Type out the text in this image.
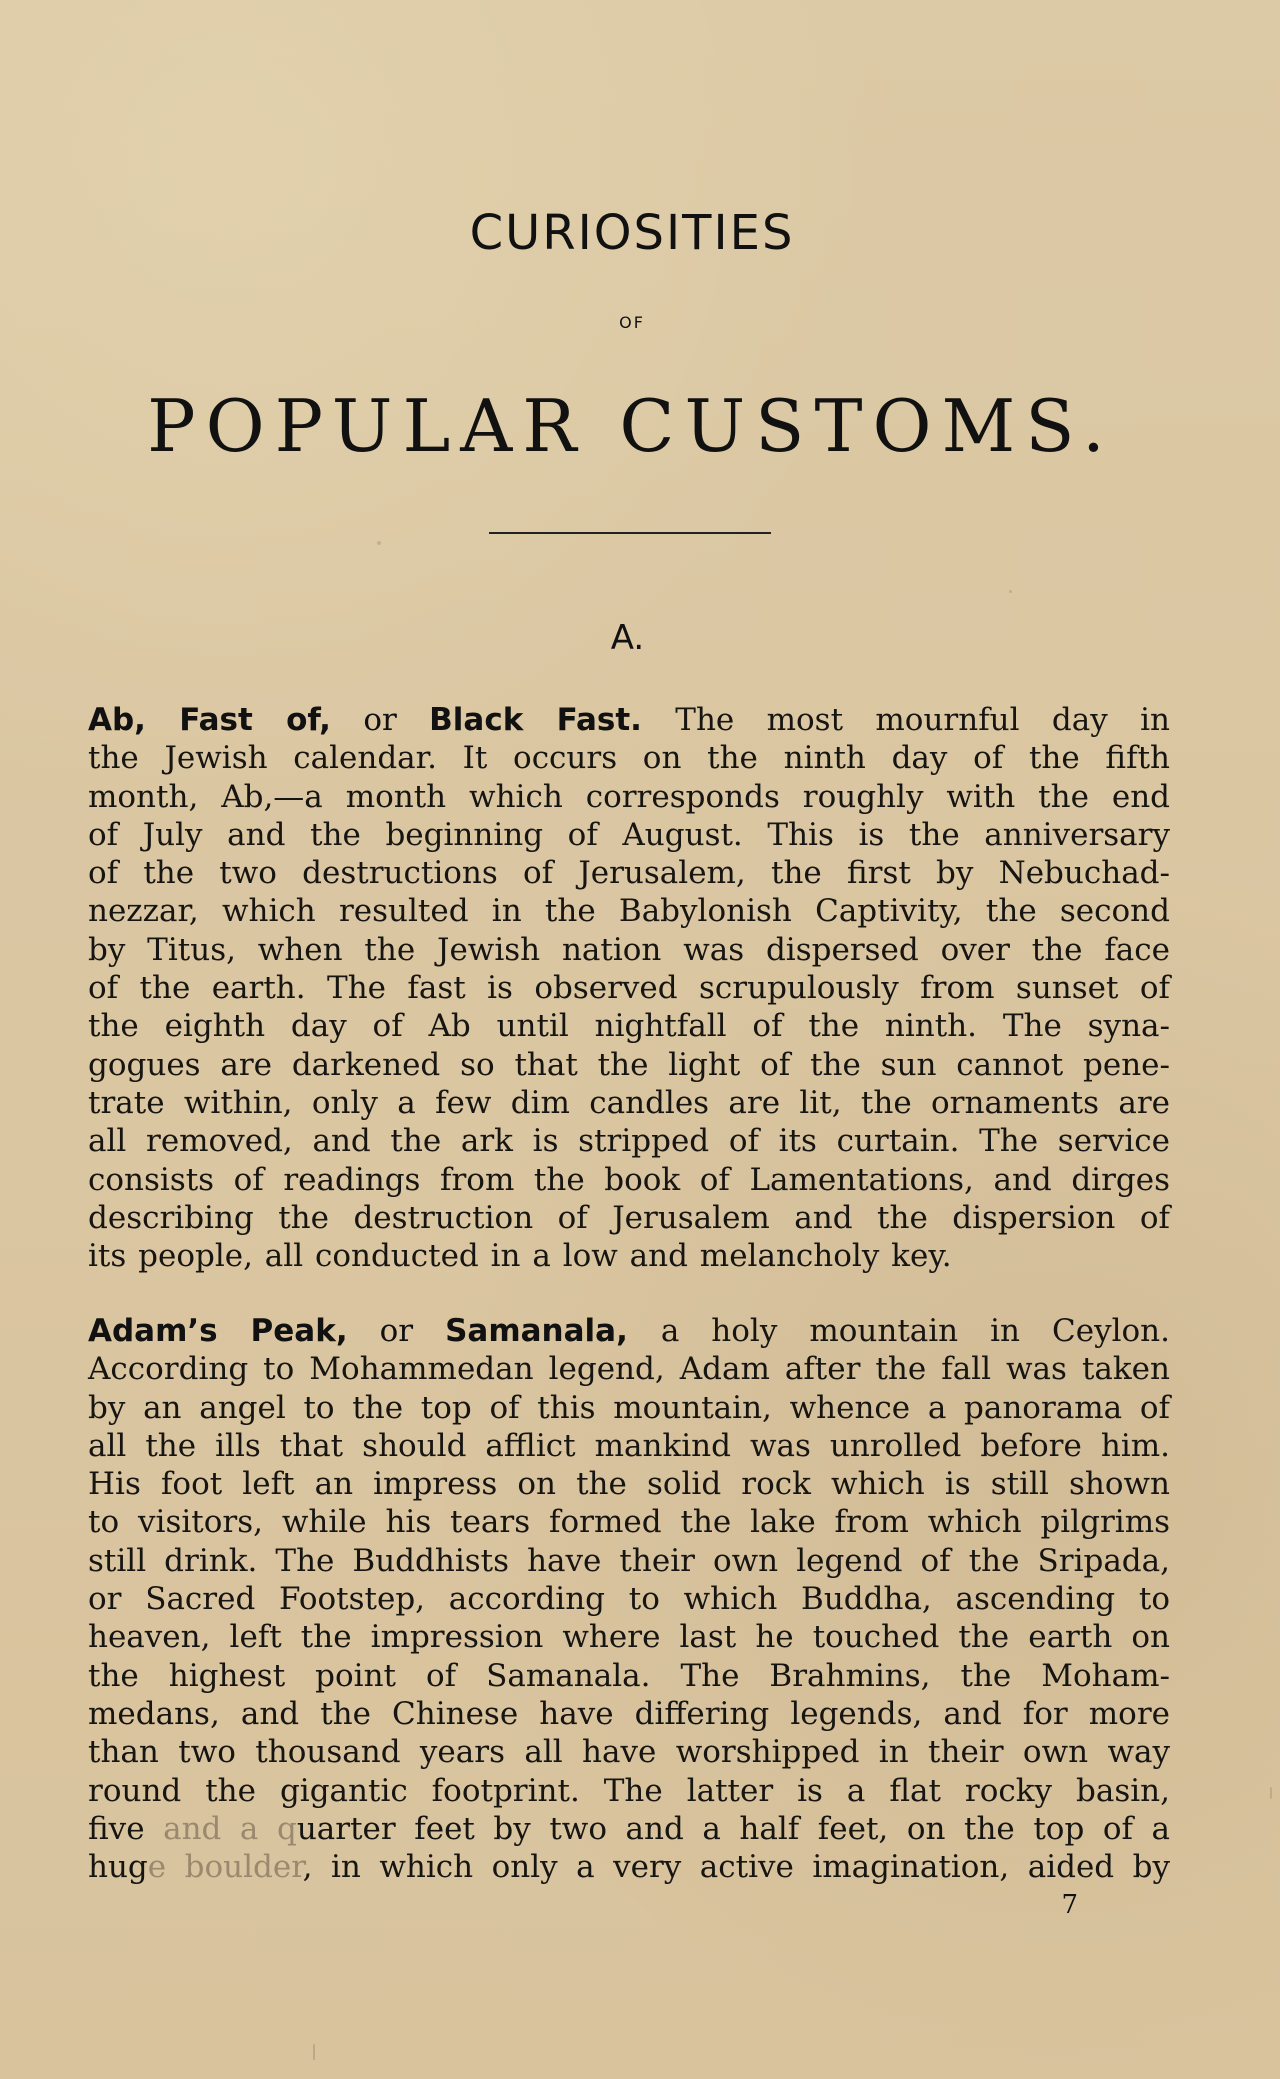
CURIOSITIES
OF
POPULAR CUSTOMS.
A.
Ab, Fast of, or Black Fast. The most mournful day in
the Jewish calendar. It occurs on the ninth day of the fifth
month, Ab,—a month which corresponds roughly with the end
of July and the beginning of August. This is the anniversary
of the two destructions of Jerusalem, the first by Nebuchad-
nezzar, which resulted in the Babylonish Captivity, the second
by Titus, when the Jewish nation was dispersed over the face
of the earth. The fast is observed scrupulously from sunset of
the eighth day of Ab until nightfall of the ninth. The syna-
gogues are darkened so that the light of the sun cannot pene-
trate within, only a few dim candles are lit, the ornaments are
all removed, and the ark is stripped of its curtain. The service
consists of readings from the book of Lamentations, and dirges
describing the destruction of Jerusalem and the dispersion of
its people, all conducted in a low and melancholy key.
Adam’s Peak, or Samanala, a holy mountain in Ceylon.
According to Mohammedan legend, Adam after the fall was taken
by an angel to the top of this mountain, whence a panorama of
all the ills that should afflict mankind was unrolled before him.
His foot left an impress on the solid rock which is still shown
to visitors, while his tears formed the lake from which pilgrims
still drink. The Buddhists have their own legend of the Sripada,
or Sacred Footstep, according to which Buddha, ascending to
heaven, left the impression where last he touched the earth on
the highest point of Samanala. The Brahmins, the Moham-
medans, and the Chinese have differing legends, and for more
than two thousand years all have worshipped in their own way
round the gigantic footprint. The latter is a flat rocky basin,
five and a quarter feet by two and a half feet, on the top of a
huge boulder, in which only a very active imagination, aided by
7
